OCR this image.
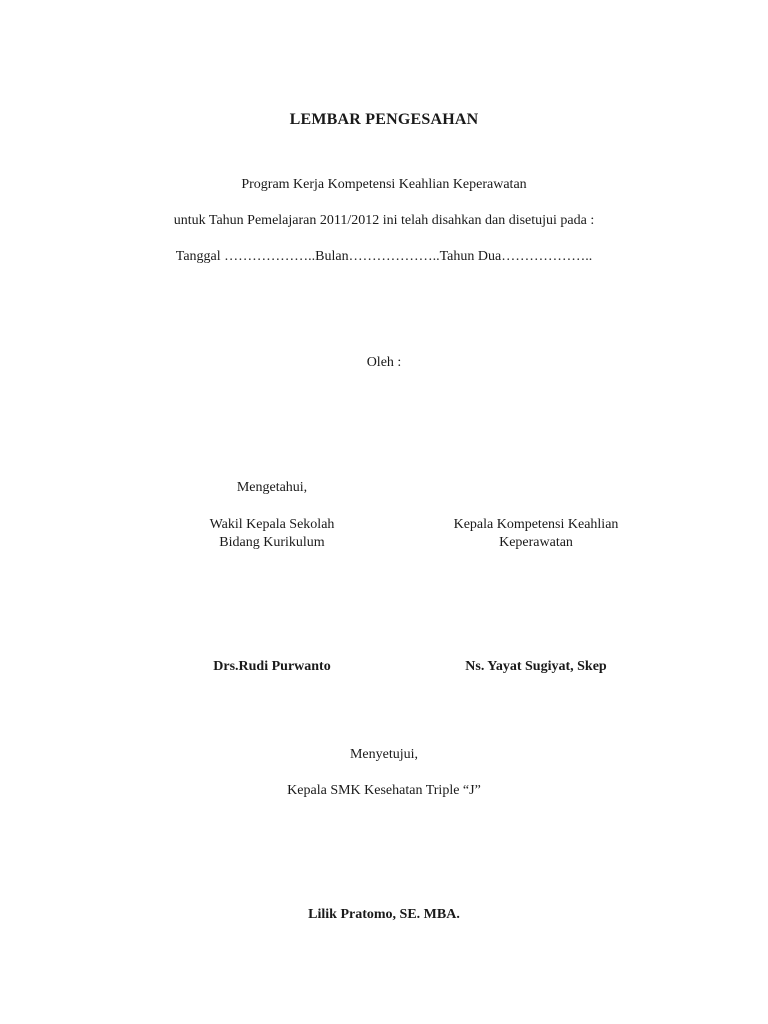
LEMBAR PENGESAHAN
Program Kerja Kompetensi Keahlian Keperawatan
untuk Tahun Pemelajaran 2011/2012 ini telah disahkan dan disetujui pada :
Tanggal ………………..Bulan………………..Tahun Dua………………..
Oleh :
Mengetahui,
Wakil Kepala Sekolah
Bidang Kurikulum
Kepala Kompetensi Keahlian
Keperawatan
Drs.Rudi Purwanto	Ns. Yayat Sugiyat, Skep
Menyetujui,
Kepala SMK Kesehatan Triple “J”
Lilik Pratomo, SE. MBA.
